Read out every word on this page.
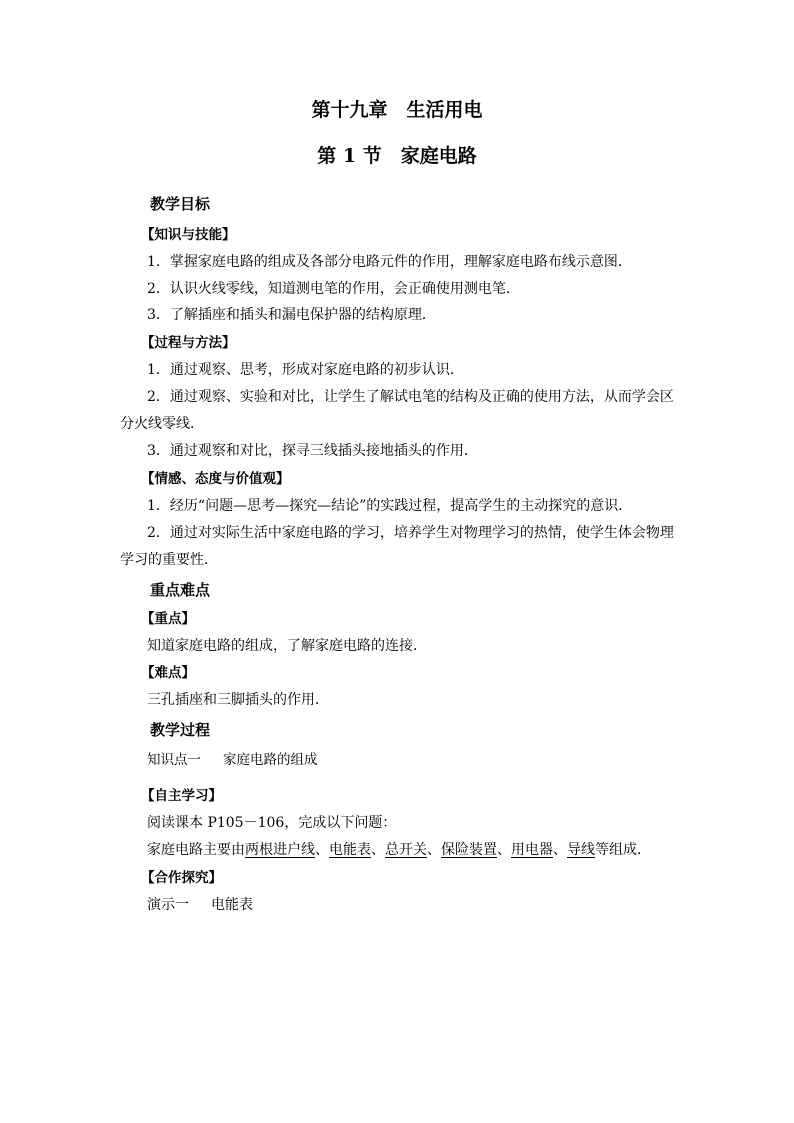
第十九章　生活用电
第 1 节　家庭电路
教学目标
【知识与技能】
1．掌握家庭电路的组成及各部分电路元件的作用，理解家庭电路布线示意图．
2．认识火线零线，知道测电笔的作用，会正确使用测电笔．
3．了解插座和插头和漏电保护器的结构原理．
【过程与方法】
1．通过观察、思考，形成对家庭电路的初步认识．
2．通过观察、实验和对比，让学生了解试电笔的结构及正确的使用方法，从而学会区
分火线零线．
3．通过观察和对比，探寻三线插头接地插头的作用．
【情感、态度与价值观】
1．经历“问题—思考—探究—结论”的实践过程，提高学生的主动探究的意识．
2．通过对实际生活中家庭电路的学习，培养学生对物理学习的热情，使学生体会物理
学习的重要性．
重点难点
【重点】
知道家庭电路的组成，了解家庭电路的连接．
【难点】
三孔插座和三脚插头的作用．
教学过程
知识点一 家庭电路的组成
【自主学习】
阅读课本 P105－106，完成以下问题：
家庭电路主要由两根进户线、电能表、总开关、保险装置、用电器、导线等组成．
【合作探究】
演示一 电能表
